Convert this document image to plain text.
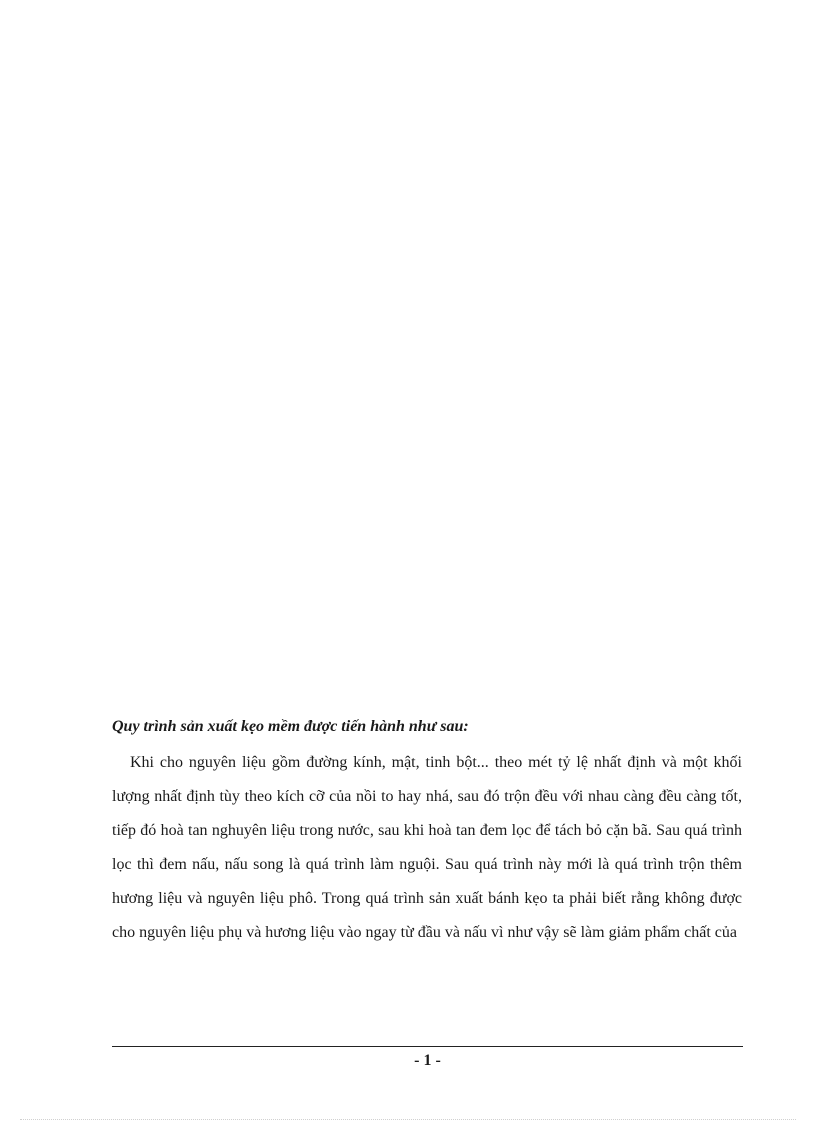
Quy trình sản xuất kẹo mềm được tiến hành như sau:

Khi cho nguyên liệu gồm đường kính, mật, tinh bột... theo mét tỷ lệ nhất định và một khối lượng nhất định tùy theo kích cỡ của nồi to hay nhá, sau đó trộn đều với nhau càng đều càng tốt, tiếp đó hoà tan nghuyên liệu trong nước, sau khi hoà tan đem lọc để tách bỏ cặn bã. Sau quá trình lọc thì đem nấu, nấu song là quá trình làm nguội. Sau quá trình này mới là quá trình trộn thêm hương liệu và nguyên liệu phô. Trong quá trình sản xuất bánh kẹo ta phải biết rằng không được cho nguyên liệu phụ và hương liệu vào ngay từ đầu và nấu vì như vậy sẽ làm giảm phẩm chất của

- 1 -
